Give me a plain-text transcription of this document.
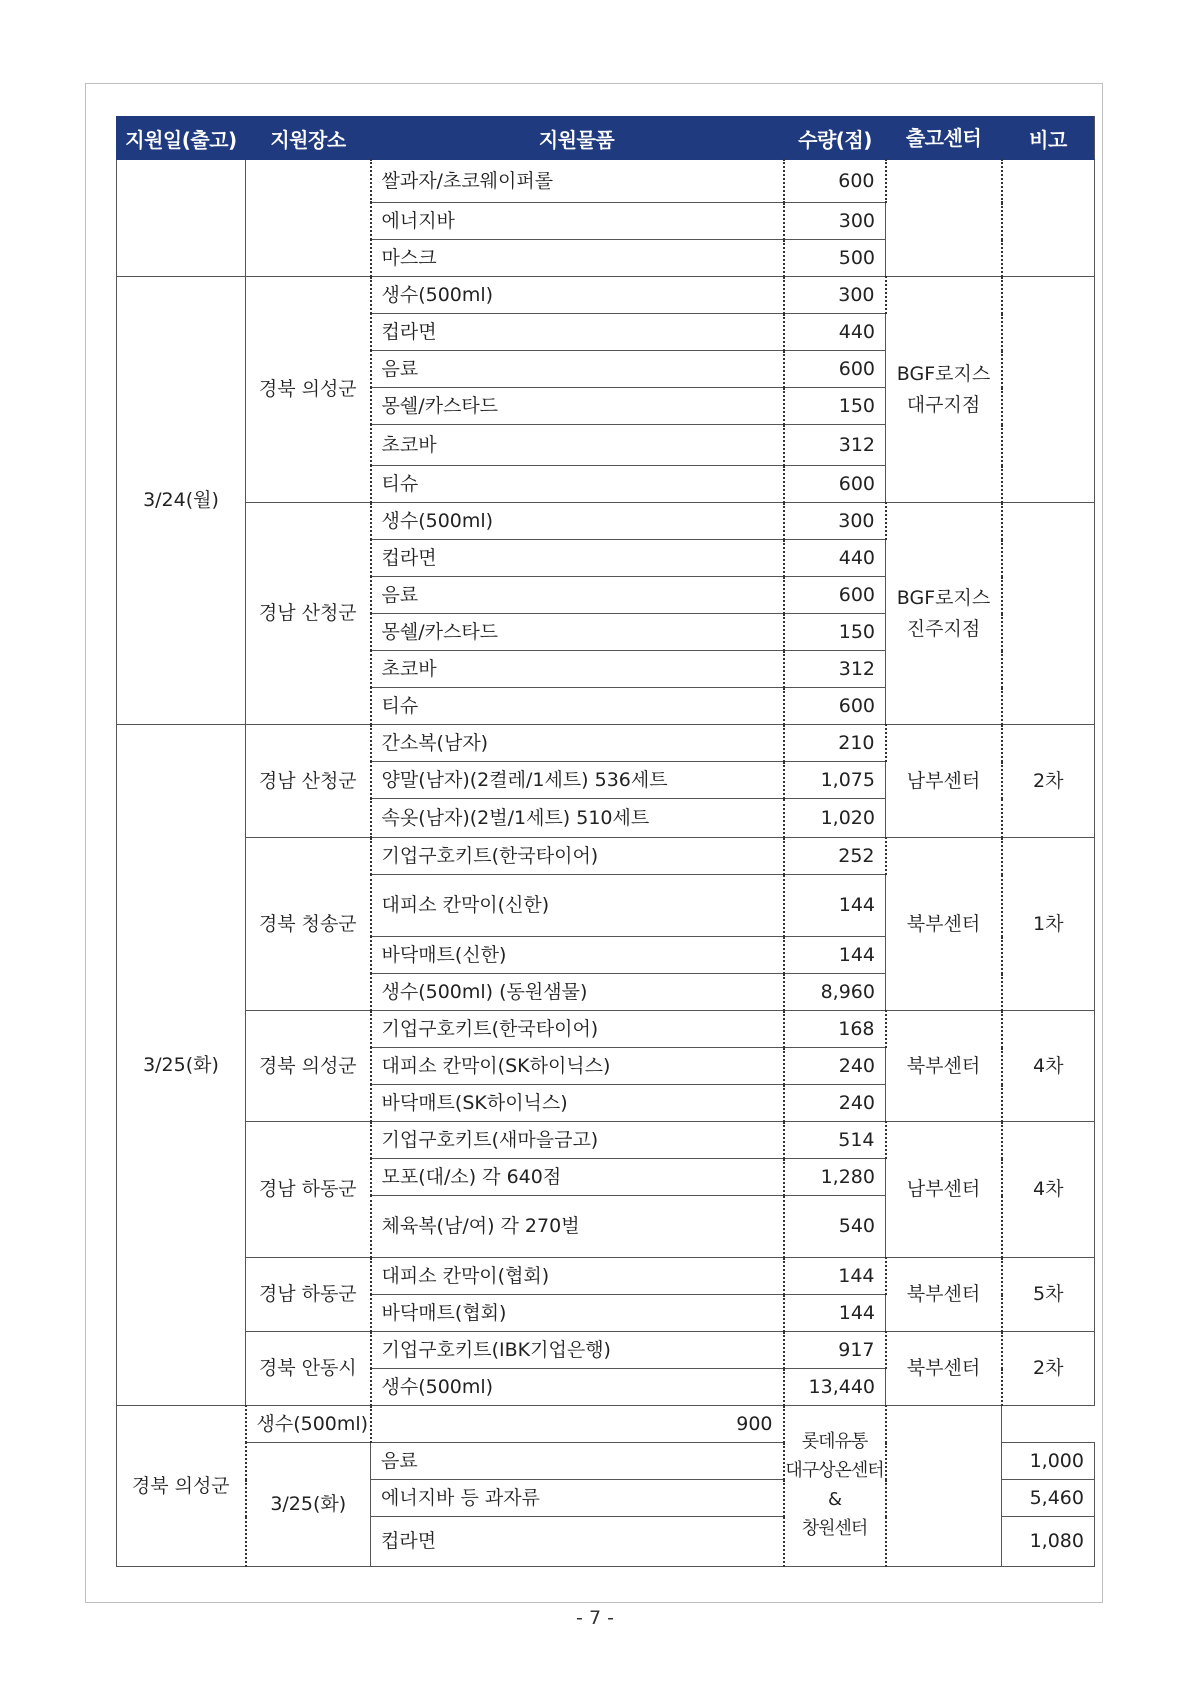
지원일(출고)	지원장소	지원물품	수량(점)	출고센터	비고
		쌀과자/초코웨이퍼롤	600		
		에너지바	300		
		마스크	500		
3/24(월)	경북 의성군	생수(500ml)	300	BGF로지스
대구지점	

		컵라면	440		
		음료	600		
		몽쉘/카스타드	150		
		초코바	312		
		티슈	600		
	경남 산청군	생수(500ml)	300	BGF로지스
진주지점	

		컵라면	440		
		음료	600		
		몽쉘/카스타드	150		
		초코바	312		
		티슈	600		
3/25(화)	경남 산청군	간소복(남자)	210	남부센터	2차
		양말(남자)(2켤레/1세트) 536세트	1,075		
		속옷(남자)(2벌/1세트) 510세트	1,020		
	경북 청송군	기업구호키트(한국타이어)	252	북부센터	1차
		대피소 칸막이(신한)	144		
		바닥매트(신한)	144		
		생수(500ml) (동원샘물)	8,960		
	경북 의성군	기업구호키트(한국타이어)	168	북부센터	4차
		대피소 칸막이(SK하이닉스)	240		
		바닥매트(SK하이닉스)	240		
	경남 하동군	기업구호키트(새마을금고)	514	남부센터	4차
		모포(대/소) 각 640점	1,280		
		체육복(남/여) 각 270벌	540		
	경남 하동군	대피소 칸막이(협회)	144	북부센터	5차
		바닥매트(협회)	144		
	경북 안동시	기업구호키트(IBK기업은행)	917	북부센터	2차
		생수(500ml)	13,440		
경북 의성군	생수(500ml)	900	롯데유통
대구상온센터
&
창원센터		

	3/25(화)	음료			1,000
		에너지바 등 과자류			5,460
		컵라면			1,080
- 7 -
